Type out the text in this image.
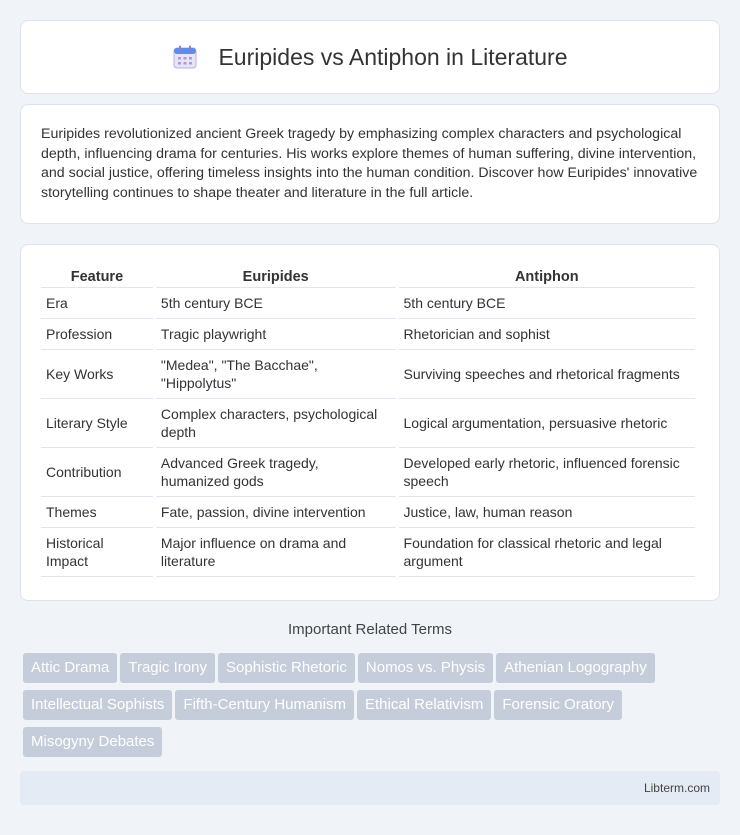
Euripides vs Antiphon in Literature

Euripides revolutionized ancient Greek tragedy by emphasizing complex characters and psychological depth, influencing drama for centuries. His works explore themes of human suffering, divine intervention, and social justice, offering timeless insights into the human condition. Discover how Euripides' innovative storytelling continues to shape theater and literature in the full article.

Feature	Euripides	Antiphon
Era	5th century BCE	5th century BCE
Profession	Tragic playwright	Rhetorician and sophist
Key Works	"Medea", "The Bacchae", "Hippolytus"	Surviving speeches and rhetorical fragments
Literary Style	Complex characters, psychological depth	Logical argumentation, persuasive rhetoric
Contribution	Advanced Greek tragedy, humanized gods	Developed early rhetoric, influenced forensic speech
Themes	Fate, passion, divine intervention	Justice, law, human reason
Historical Impact	Major influence on drama and literature	Foundation for classical rhetoric and legal argument
Important Related Terms
Attic Drama Tragic Irony Sophistic Rhetoric Nomos vs. Physis Athenian Logography
Intellectual Sophists Fifth-Century Humanism Ethical Relativism Forensic Oratory
Misogyny Debates
Libterm.com
